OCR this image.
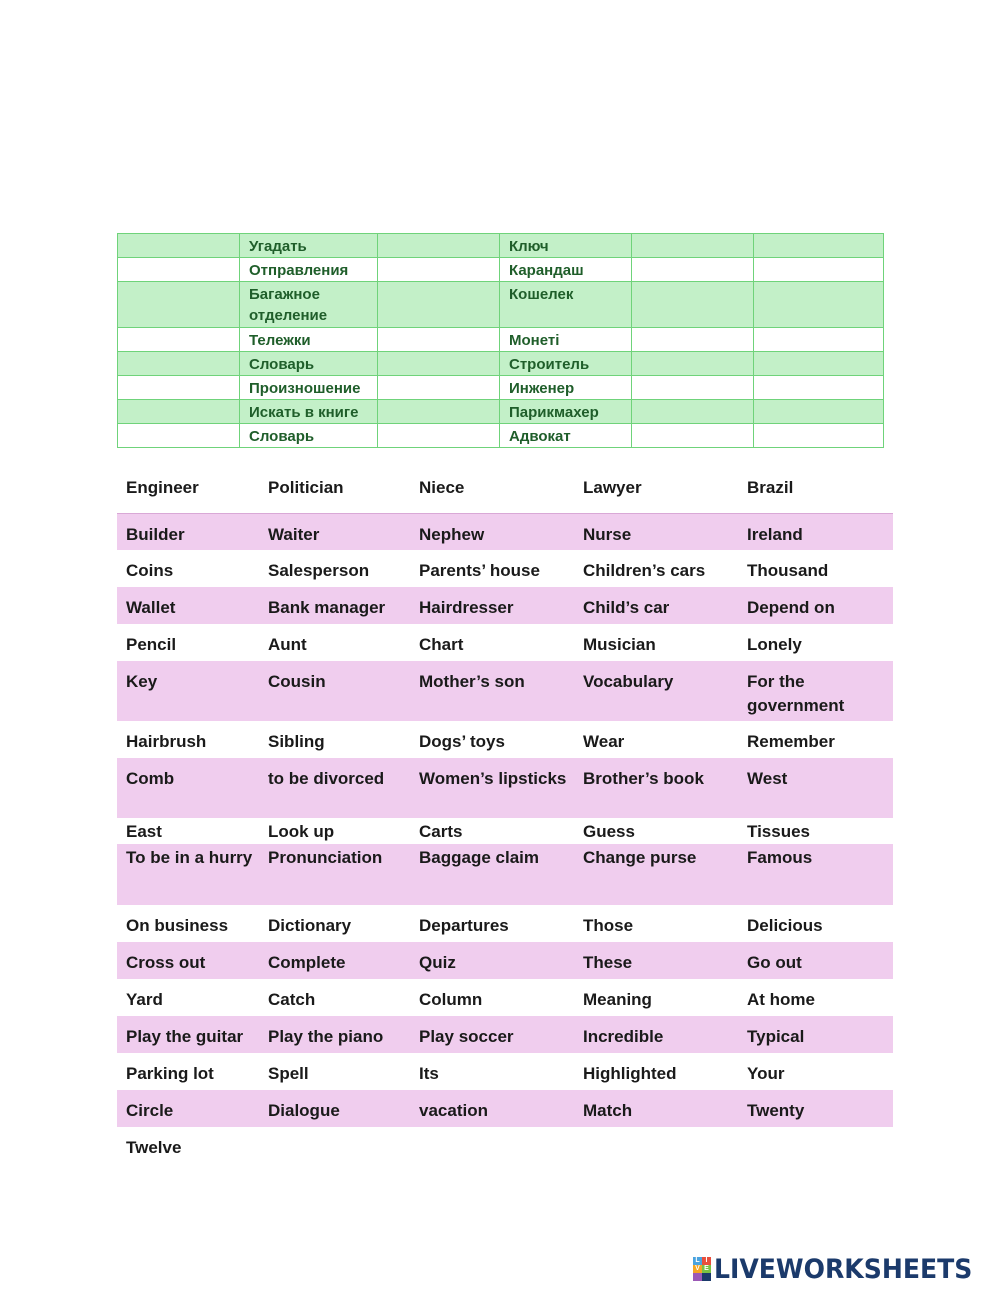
	Угадать		Ключ		
	Отправления		Карандаш		
	Багажное отделение		Кошелек		
	Тележки		Монеті		
	Словарь		Строитель		
	Произношение		Инженер		
	Искать в книге		Парикмахер		
	Словарь		Адвокат		
Engineer	Politician	Niece	Lawyer	Brazil
Builder	Waiter	Nephew	Nurse	Ireland
Coins	Salesperson	Parents’ house	Children’s cars	Thousand
Wallet	Bank manager	Hairdresser	Child’s car	Depend on
Pencil	Aunt	Chart	Musician	Lonely
Key	Cousin	Mother’s son	Vocabulary	For the government
Hairbrush	Sibling	Dogs’ toys	Wear	Remember
Comb	to be divorced	Women’s lipsticks	Brother’s book	West
East	Look up	Carts	Guess	Tissues
To be in a hurry	Pronunciation	Baggage claim	Change purse	Famous
On business	Dictionary	Departures	Those	Delicious
Cross out	Complete	Quiz	These	Go out
Yard	Catch	Column	Meaning	At home
Play the guitar	Play the piano	Play soccer	Incredible	Typical
Parking lot	Spell	Its	Highlighted	Your
Circle	Dialogue	vacation	Match	Twenty
Twelve				
L I
V E LIVEWORKSHEETS
